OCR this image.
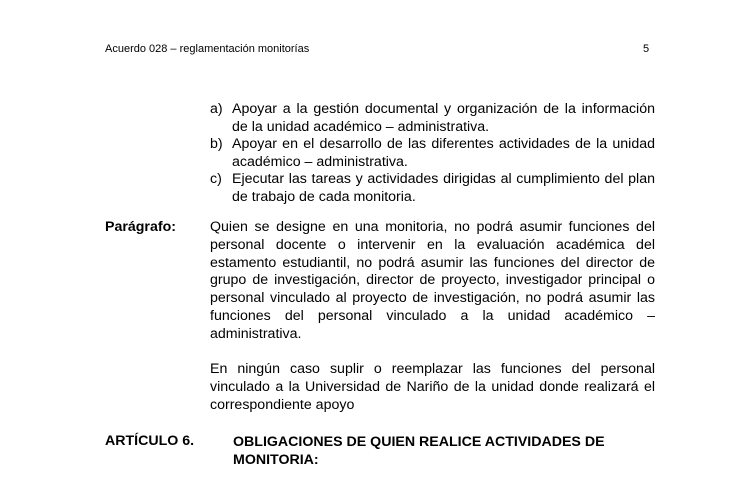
Acuerdo 028 – reglamentación monitorías	5
a) Apoyar a la gestión documental y organización de la información de la unidad académico – administrativa.
b) Apoyar en el desarrollo de las diferentes actividades de la unidad académico – administrativa.
c) Ejecutar las tareas y actividades dirigidas al cumplimiento del plan de trabajo de cada monitoria.
Parágrafo: Quien se designe en una monitoria, no podrá asumir funciones del personal docente o intervenir en la evaluación académica del estamento estudiantil, no podrá asumir las funciones del director de grupo de investigación, director de proyecto, investigador principal o personal vinculado al proyecto de investigación, no podrá asumir las funciones del personal vinculado a la unidad académico – administrativa.
En ningún caso suplir o reemplazar las funciones del personal vinculado a la Universidad de Nariño de la unidad donde realizará el correspondiente apoyo
ARTÍCULO 6.	OBLIGACIONES DE QUIEN REALICE ACTIVIDADES DE MONITORIA:
